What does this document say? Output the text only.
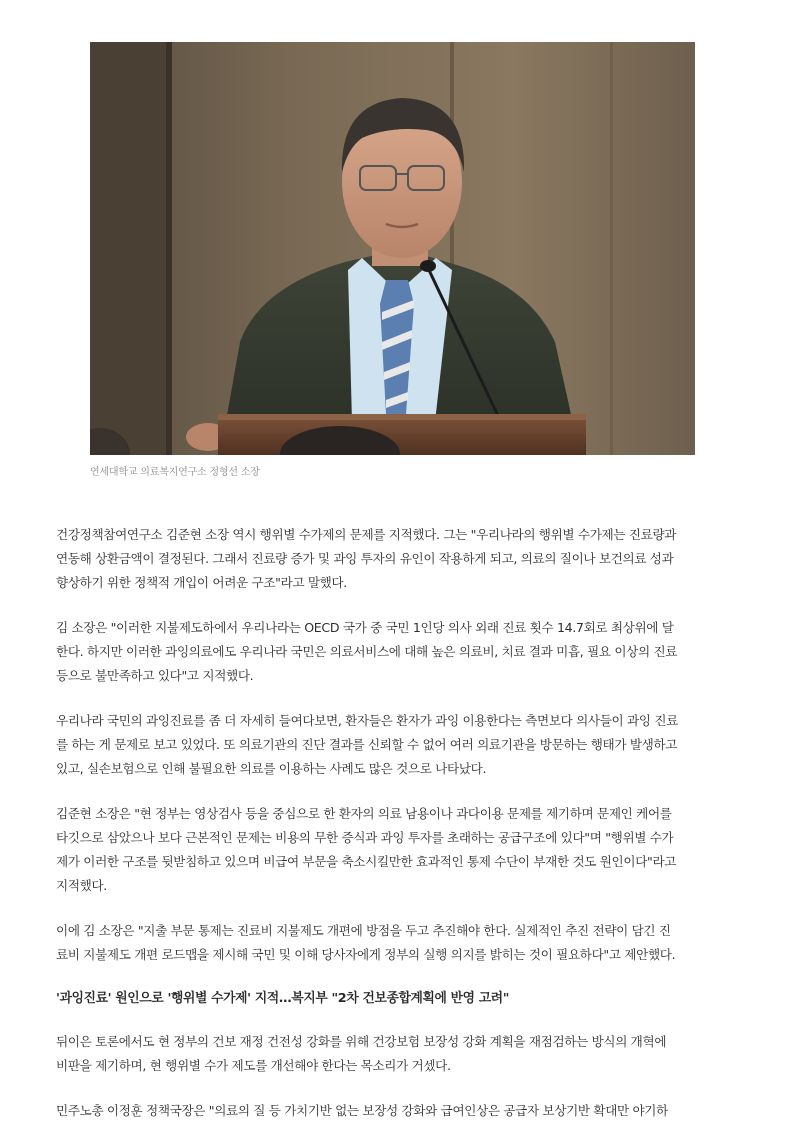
연세대학교 의료복지연구소 정형선 소장

건강정책참여연구소 김준현 소장 역시 행위별 수가제의 문제를 지적했다. 그는 "우리나라의 행위별 수가제는 진료량과
연동해 상환금액이 결정된다. 그래서 진료량 증가 및 과잉 투자의 유인이 작용하게 되고, 의료의 질이나 보건의료 성과
향상하기 위한 정책적 개입이 어려운 구조"라고 말했다.

김 소장은 "이러한 지불제도하에서 우리나라는 OECD 국가 중 국민 1인당 의사 외래 진료 횟수 14.7회로 최상위에 달
한다. 하지만 이러한 과잉의료에도 우리나라 국민은 의료서비스에 대해 높은 의료비, 치료 결과 미흡, 필요 이상의 진료
등으로 불만족하고 있다"고 지적했다.

우리나라 국민의 과잉진료를 좀 더 자세히 들여다보면, 환자들은 환자가 과잉 이용한다는 측면보다 의사들이 과잉 진료
를 하는 게 문제로 보고 있었다. 또 의료기관의 진단 결과를 신뢰할 수 없어 여러 의료기관을 방문하는 행태가 발생하고
있고, 실손보험으로 인해 불필요한 의료를 이용하는 사례도 많은 것으로 나타났다.

김준현 소장은 "현 정부는 영상검사 등을 중심으로 한 환자의 의료 남용이나 과다이용 문제를 제기하며 문제인 케어를
타깃으로 삼았으나 보다 근본적인 문제는 비용의 무한 증식과 과잉 투자를 초래하는 공급구조에 있다"며 "행위별 수가
제가 이러한 구조를 뒷받침하고 있으며 비급여 부문을 축소시킬만한 효과적인 통제 수단이 부재한 것도 원인이다"라고
지적했다.

이에 김 소장은 "지출 부문 통제는 진료비 지불제도 개편에 방점을 두고 추진해야 한다. 실제적인 추진 전략이 담긴 진
료비 지불제도 개편 로드맵을 제시해 국민 및 이해 당사자에게 정부의 실행 의지를 밝히는 것이 필요하다"고 제안했다.

'과잉진료' 원인으로 '행위별 수가제' 지적…복지부 "2차 건보종합계획에 반영 고려"

뒤이은 토론에서도 현 정부의 건보 재정 건전성 강화를 위해 건강보험 보장성 강화 계획을 재점검하는 방식의 개혁에
비판을 제기하며, 현 행위별 수가 제도를 개선해야 한다는 목소리가 거셌다.

민주노총 이정훈 정책국장은 "의료의 질 등 가치기반 없는 보장성 강화와 급여인상은 공급자 보상기반 확대만 야기하
